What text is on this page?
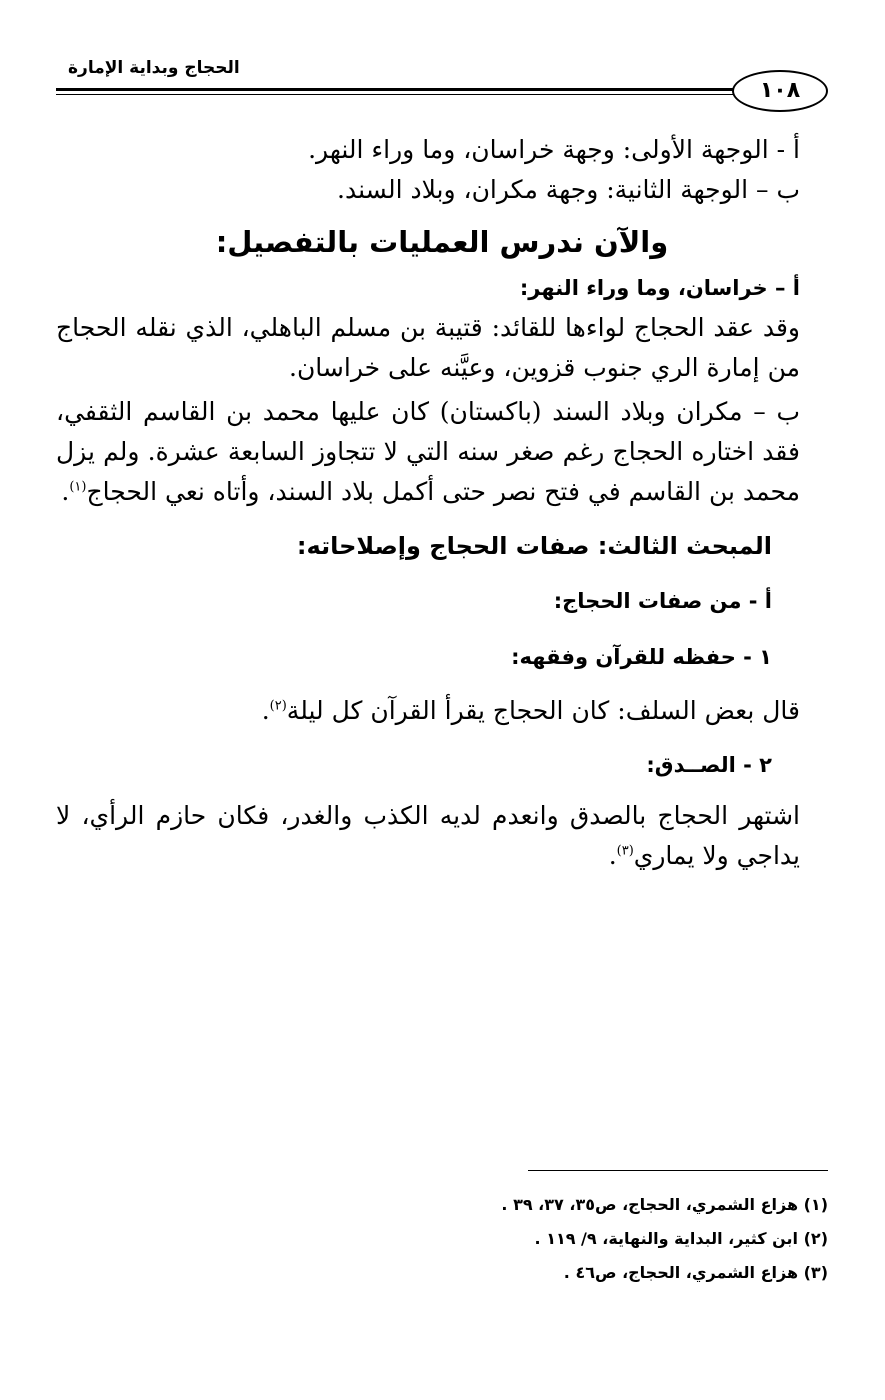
الحجاج وبداية الإمارة
١٠٨

أ - الوجهة الأولى: وجهة خراسان، وما وراء النهر.

ب – الوجهة الثانية: وجهة مكران، وبلاد السند.

والآن ندرس العمليات بالتفصيل:
أ – خراسان، وما وراء النهر:

وقد عقد الحجاج لواءها للقائد: قتيبة بن مسلم الباهلي، الذي نقله الحجاج من إمارة الري جنوب قزوين، وعيَّنه على خراسان.

ب – مكران وبلاد السند (باكستان) كان عليها محمد بن القاسم الثقفي، فقد اختاره الحجاج رغم صغر سنه التي لا تتجاوز السابعة عشرة. ولم يزل محمد بن القاسم في فتح نصر حتى أكمل بلاد السند، وأتاه نعي الحجاج$^{(١)}$.

المبحث الثالث: صفات الحجاج وإصلاحاته:
أ - من صفات الحجاج:
١ - حفظه للقرآن وفقهه:

قال بعض السلف: كان الحجاج يقرأ القرآن كل ليلة$^{(٢)}$.

٢ - الصــدق:

اشتهر الحجاج بالصدق وانعدم لديه الكذب والغدر، فكان حازم الرأي، لا يداجي ولا يماري$^{(٣)}$.

(١) هزاع الشمري، الحجاج، ص٣٥، ٣٧، ٣٩ .

(٢) ابن كثير، البداية والنهاية، ٩/ ١١٩ .

(٣) هزاع الشمري، الحجاج، ص٤٦ .
